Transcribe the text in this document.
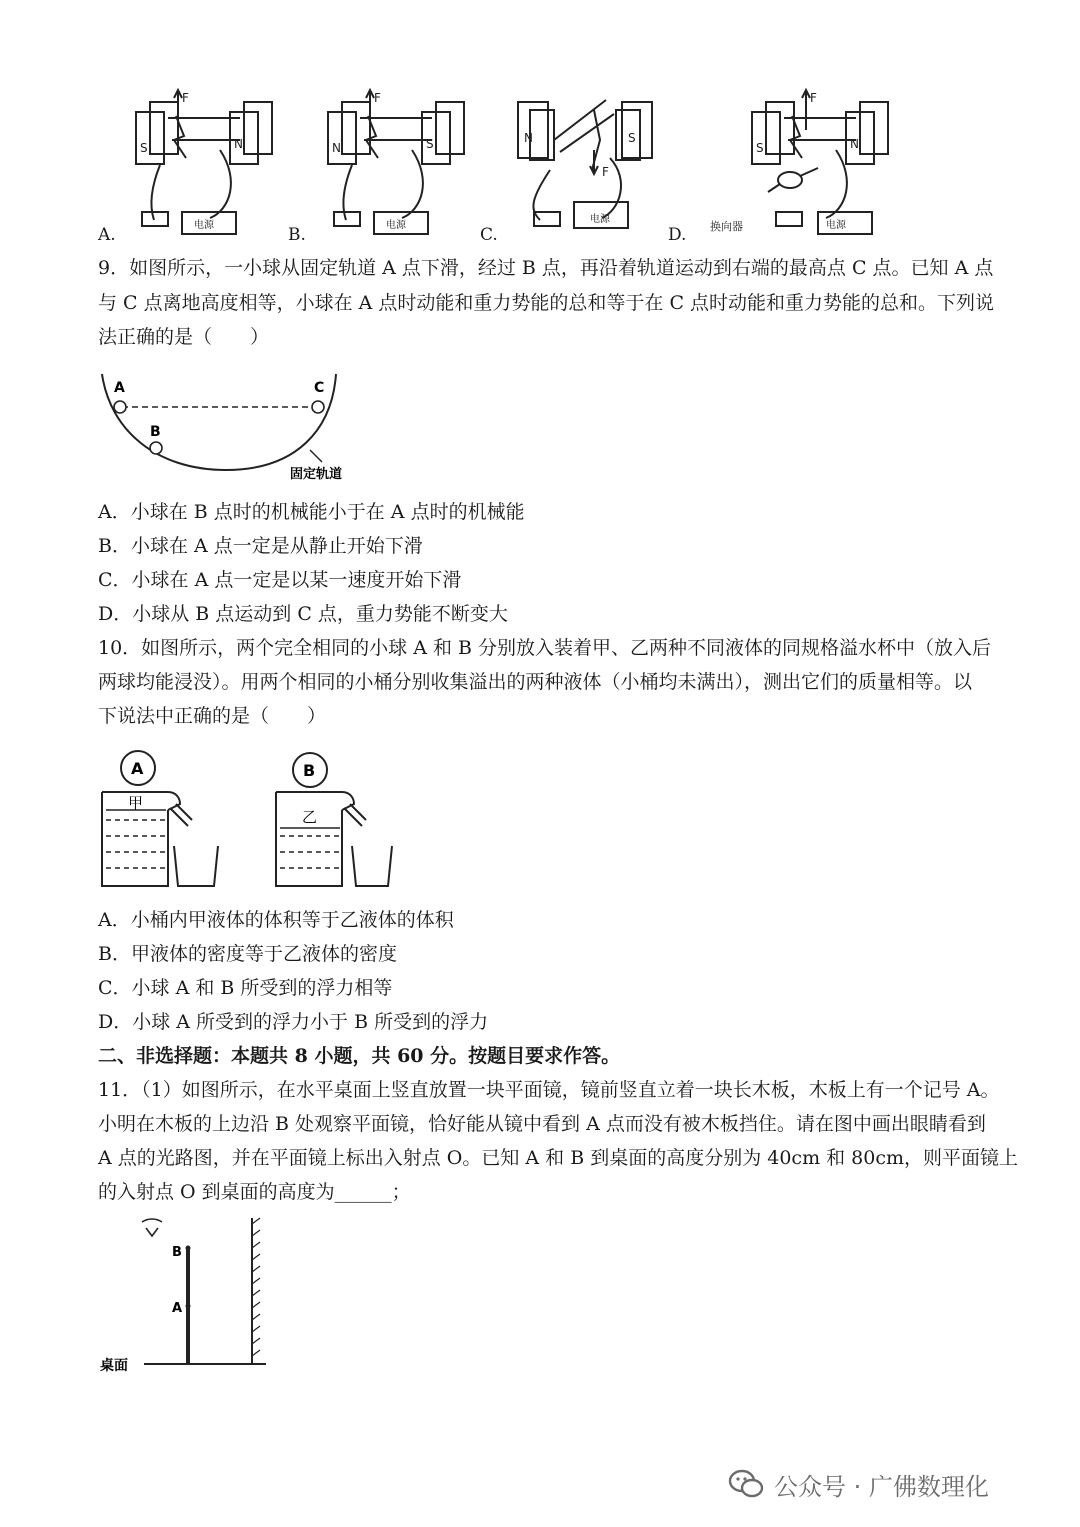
F
S	N
电源
F
N	S
电源
N	S
F
电源
F
S	N
换向器	电源
A.	B.	C.	D.
9．如图所示，一小球从固定轨道 A 点下滑，经过 B 点，再沿着轨道运动到右端的最高点 C 点。已知 A 点
与 C 点离地高度相等，小球在 A 点时动能和重力势能的总和等于在 C 点时动能和重力势能的总和。下列说
法正确的是（　　）
A	C
B
固定轨道
A．小球在 B 点时的机械能小于在 A 点时的机械能
B．小球在 A 点一定是从静止开始下滑
C．小球在 A 点一定是以某一速度开始下滑
D．小球从 B 点运动到 C 点，重力势能不断变大
10．如图所示，两个完全相同的小球 A 和 B 分别放入装着甲、乙两种不同液体的同规格溢水杯中（放入后
两球均能浸没）。用两个相同的小桶分别收集溢出的两种液体（小桶均未满出），测出它们的质量相等。以
下说法中正确的是（　　）
A	B
甲
乙
A．小桶内甲液体的体积等于乙液体的体积
B．甲液体的密度等于乙液体的密度
C．小球 A 和 B 所受到的浮力相等
D．小球 A 所受到的浮力小于 B 所受到的浮力
二、非选择题：本题共 8 小题，共 60 分。按题目要求作答。
11．（1）如图所示，在水平桌面上竖直放置一块平面镜，镜前竖直立着一块长木板，木板上有一个记号 A。
小明在木板的上边沿 B 处观察平面镜，恰好能从镜中看到 A 点而没有被木板挡住。请在图中画出眼睛看到
A 点的光路图，并在平面镜上标出入射点 O。已知 A 和 B 到桌面的高度分别为 40cm 和 80cm，则平面镜上
的入射点 O 到桌面的高度为______；
B
A
桌面
公众号 · 广佛数理化
